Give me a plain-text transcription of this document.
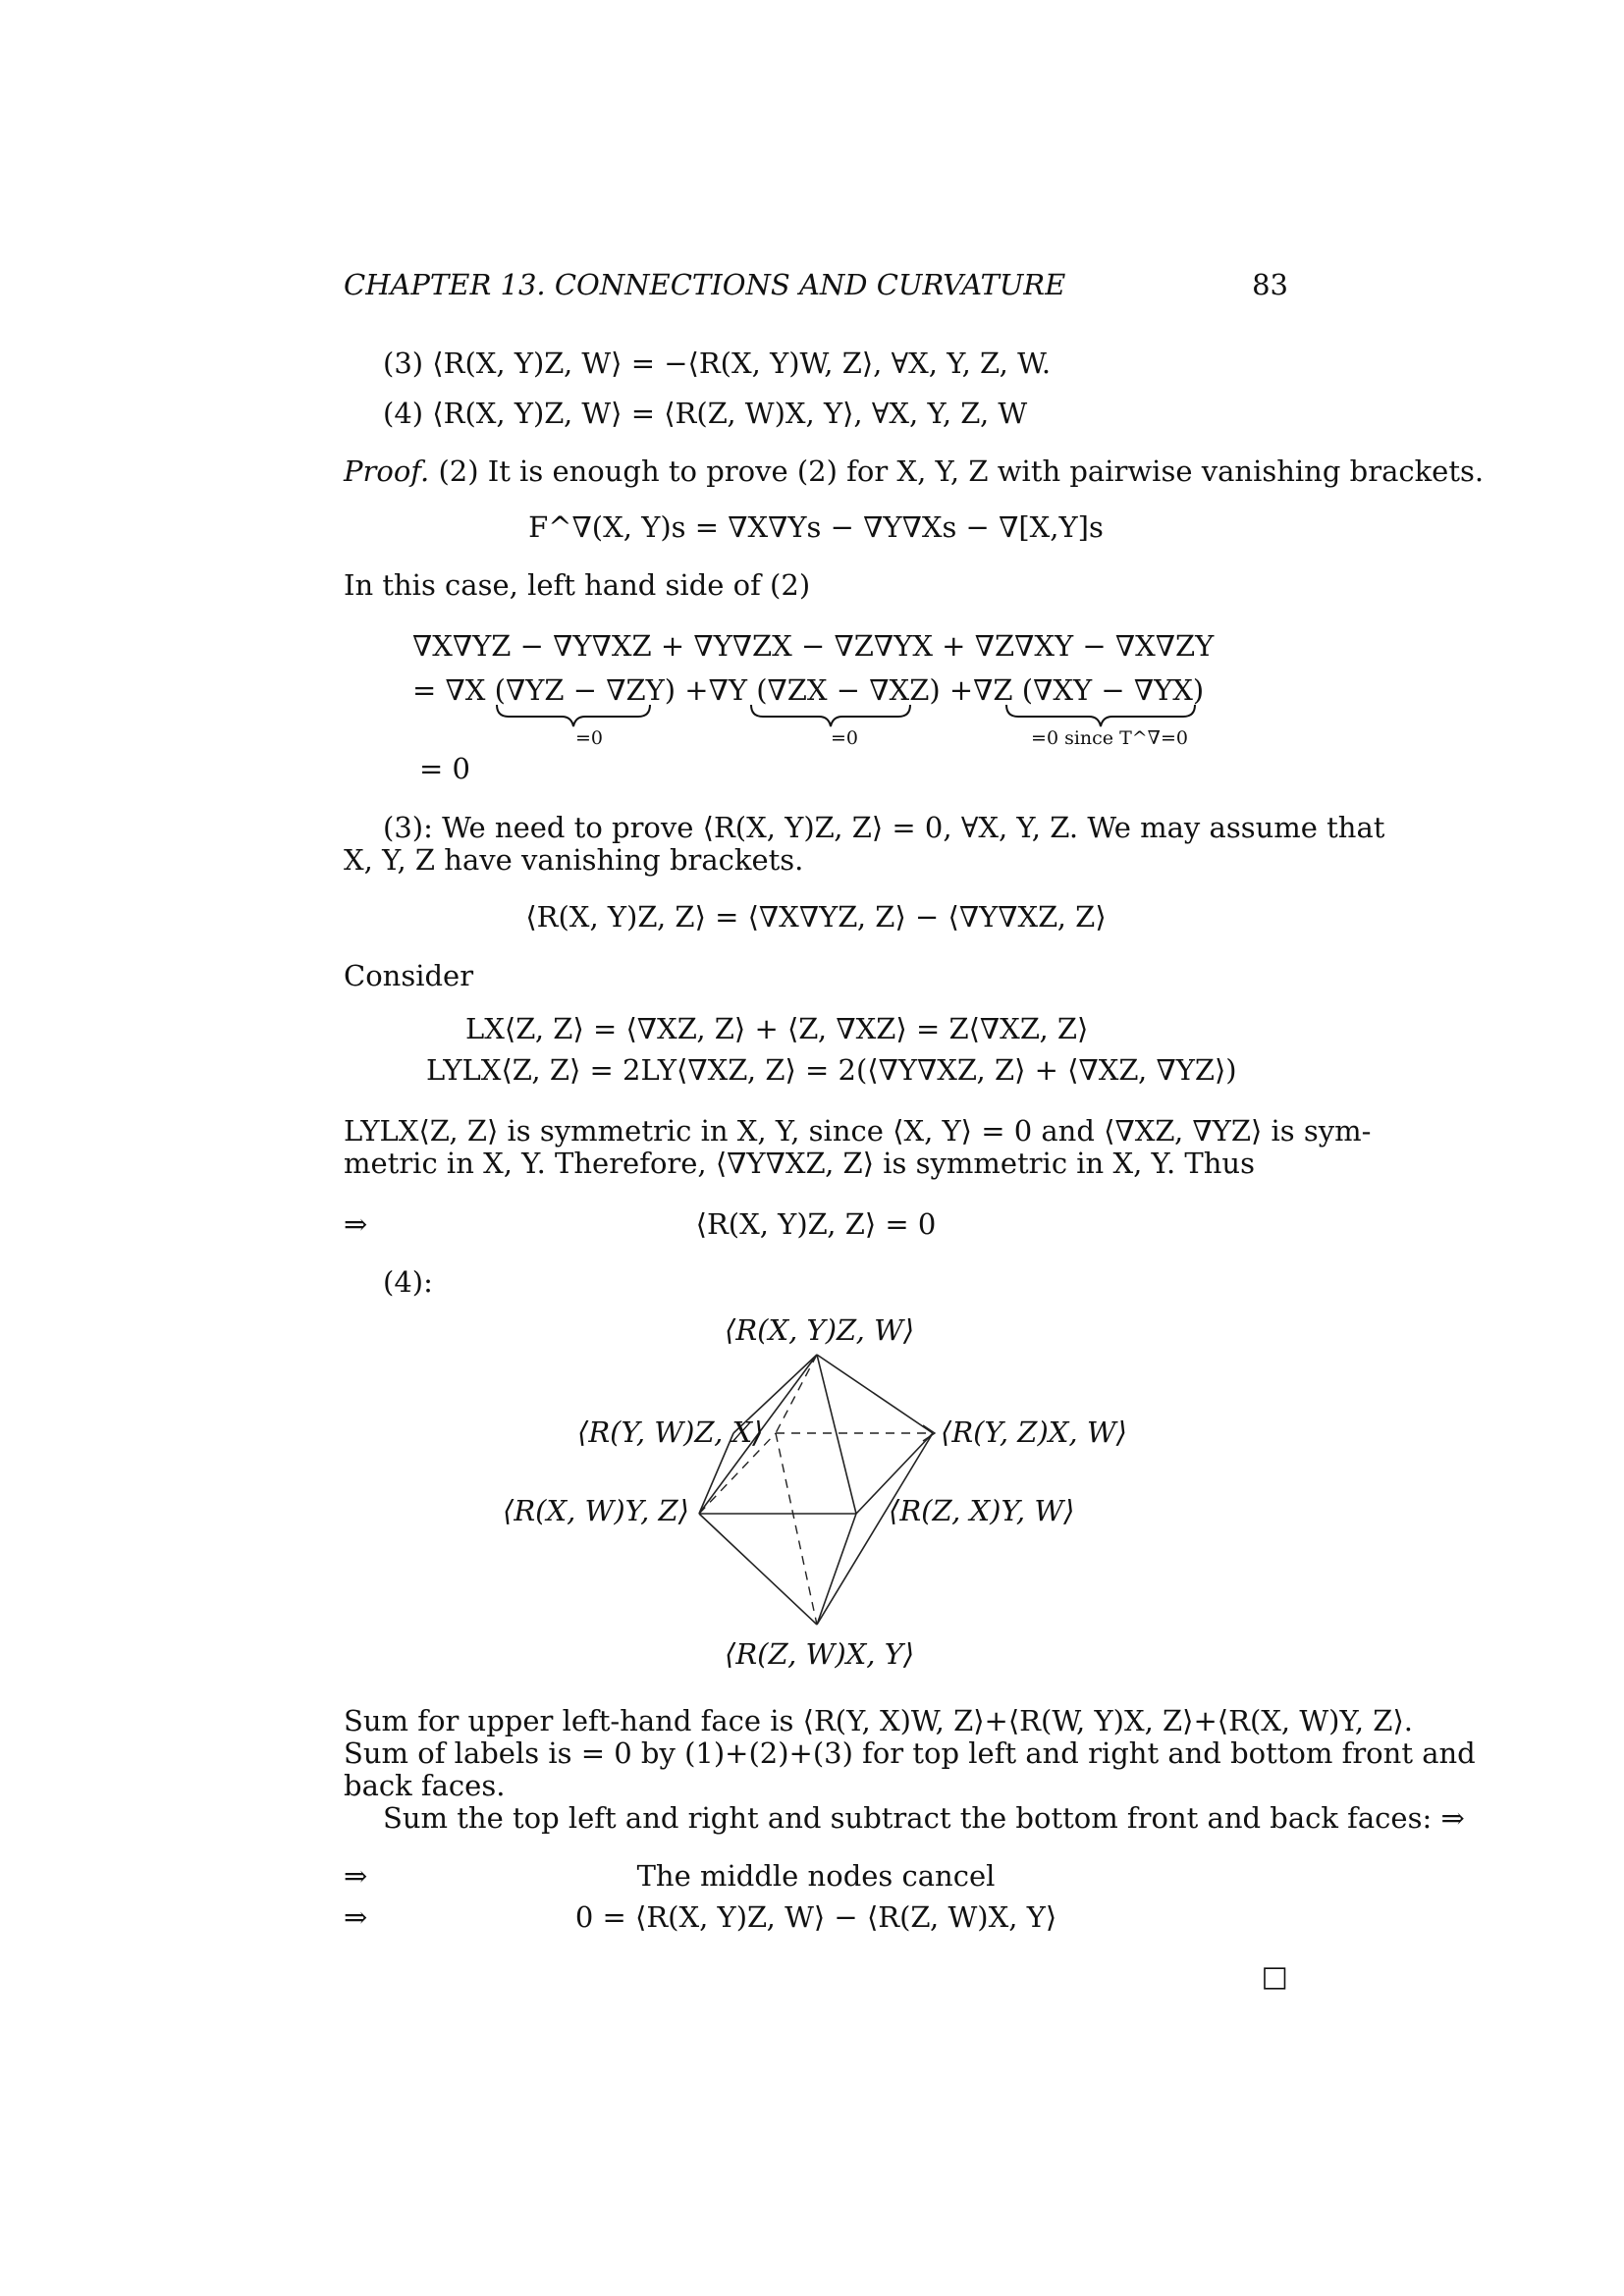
CHAPTER 13. CONNECTIONS AND CURVATURE	83
(3) ⟨R(X, Y)Z, W⟩ = −⟨R(X, Y)W, Z⟩, ∀X, Y, Z, W.
(4) ⟨R(X, Y)Z, W⟩ = ⟨R(Z, W)X, Y⟩, ∀X, Y, Z, W
Proof. (2) It is enough to prove (2) for X, Y, Z with pairwise vanishing brackets.
F^∇(X, Y)s = ∇X∇Ys − ∇Y∇Xs − ∇[X,Y]s
In this case, left hand side of (2)
∇X∇YZ − ∇Y∇XZ + ∇Y∇ZX − ∇Z∇YX + ∇Z∇XY − ∇X∇ZY
= ∇X (∇YZ − ∇ZY) +∇Y (∇ZX − ∇XZ) +∇Z (∇XY − ∇YX)
=0	=0	=0 since T^∇=0
= 0
(3): We need to prove ⟨R(X, Y)Z, Z⟩ = 0, ∀X, Y, Z. We may assume that
X, Y, Z have vanishing brackets.
⟨R(X, Y)Z, Z⟩ = ⟨∇X∇YZ, Z⟩ − ⟨∇Y∇XZ, Z⟩
Consider
LX⟨Z, Z⟩ = ⟨∇XZ, Z⟩ + ⟨Z, ∇XZ⟩ = Z⟨∇XZ, Z⟩
LYLX⟨Z, Z⟩ = 2LY⟨∇XZ, Z⟩ = 2(⟨∇Y∇XZ, Z⟩ + ⟨∇XZ, ∇YZ⟩)
LYLX⟨Z, Z⟩ is symmetric in X, Y, since ⟨X, Y⟩ = 0 and ⟨∇XZ, ∇YZ⟩ is sym-
metric in X, Y. Therefore, ⟨∇Y∇XZ, Z⟩ is symmetric in X, Y. Thus
⇒	⟨R(X, Y)Z, Z⟩ = 0
(4):
⟨R(X, Y)Z, W⟩
⟨R(Y, W)Z, X⟩	⟨R(Y, Z)X, W⟩
⟨R(X, W)Y, Z⟩	⟨R(Z, X)Y, W⟩
⟨R(Z, W)X, Y⟩
Sum for upper left-hand face is ⟨R(Y, X)W, Z⟩+⟨R(W, Y)X, Z⟩+⟨R(X, W)Y, Z⟩.
Sum of labels is = 0 by (1)+(2)+(3) for top left and right and bottom front and
back faces.
Sum the top left and right and subtract the bottom front and back faces: ⇒
⇒	The middle nodes cancel
⇒	0 = ⟨R(X, Y)Z, W⟩ − ⟨R(Z, W)X, Y⟩
□
